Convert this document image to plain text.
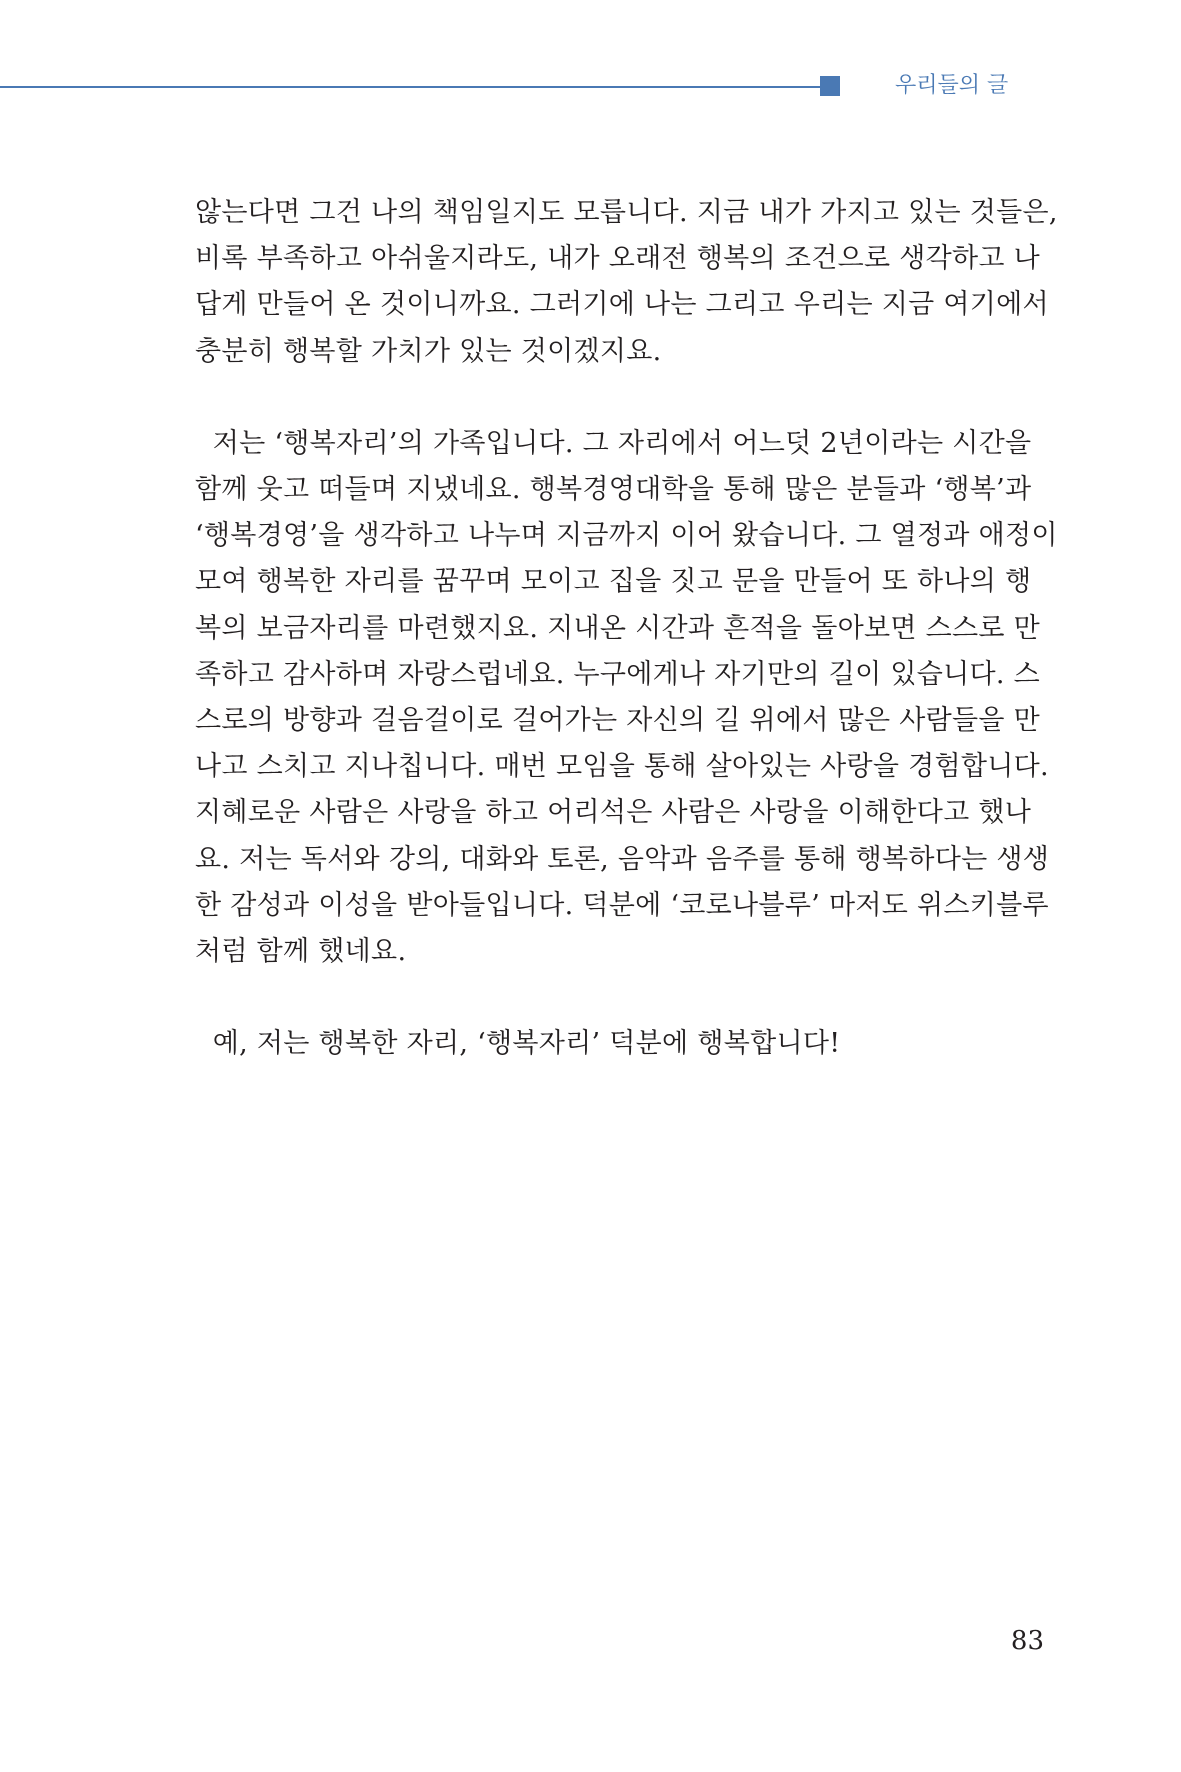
우리들의 글
않는다면 그건 나의 책임일지도 모릅니다. 지금 내가 가지고 있는 것들은,
비록 부족하고 아쉬울지라도, 내가 오래전 행복의 조건으로 생각하고 나
답게 만들어 온 것이니까요. 그러기에 나는 그리고 우리는 지금 여기에서
충분히 행복할 가치가 있는 것이겠지요.
저는 ‘행복자리’의 가족입니다. 그 자리에서 어느덧 2년이라는 시간을
함께 웃고 떠들며 지냈네요. 행복경영대학을 통해 많은 분들과 ‘행복’과
‘행복경영’을 생각하고 나누며 지금까지 이어 왔습니다. 그 열정과 애정이
모여 행복한 자리를 꿈꾸며 모이고 집을 짓고 문을 만들어 또 하나의 행
복의 보금자리를 마련했지요. 지내온 시간과 흔적을 돌아보면 스스로 만
족하고 감사하며 자랑스럽네요. 누구에게나 자기만의 길이 있습니다. 스
스로의 방향과 걸음걸이로 걸어가는 자신의 길 위에서 많은 사람들을 만
나고 스치고 지나칩니다. 매번 모임을 통해 살아있는 사랑을 경험합니다.
지혜로운 사람은 사랑을 하고 어리석은 사람은 사랑을 이해한다고 했나
요. 저는 독서와 강의, 대화와 토론, 음악과 음주를 통해 행복하다는 생생
한 감성과 이성을 받아들입니다. 덕분에 ‘코로나블루’ 마저도 위스키블루
처럼 함께 했네요.
예, 저는 행복한 자리, ‘행복자리’ 덕분에 행복합니다!
83
